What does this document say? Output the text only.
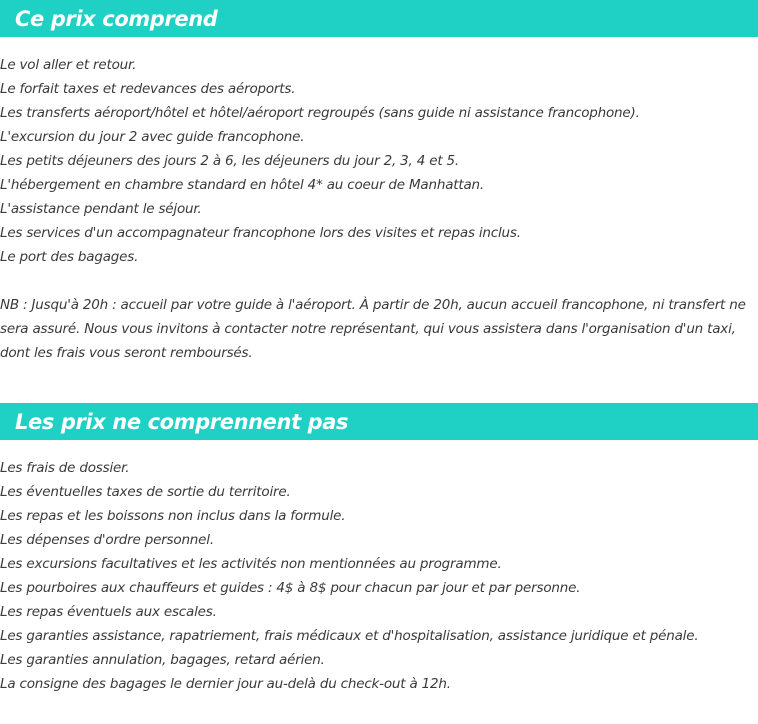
Ce prix comprend
Le vol aller et retour.
Le forfait taxes et redevances des aéroports.
Les transferts aéroport/hôtel et hôtel/aéroport regroupés (sans guide ni assistance francophone).
L'excursion du jour 2 avec guide francophone.
Les petits déjeuners des jours 2 à 6, les déjeuners du jour 2, 3, 4 et 5.
L'hébergement en chambre standard en hôtel 4* au coeur de Manhattan.
L'assistance pendant le séjour.
Les services d'un accompagnateur francophone lors des visites et repas inclus.
Le port des bagages.
NB : Jusqu'à 20h : accueil par votre guide à l'aéroport. À partir de 20h, aucun accueil francophone, ni transfert ne sera assuré. Nous vous invitons à contacter notre représentant, qui vous assistera dans l'organisation d'un taxi, dont les frais vous seront remboursés.
Les prix ne comprennent pas
Les frais de dossier.
Les éventuelles taxes de sortie du territoire.
Les repas et les boissons non inclus dans la formule.
Les dépenses d'ordre personnel.
Les excursions facultatives et les activités non mentionnées au programme.
Les pourboires aux chauffeurs et guides : 4$ à 8$ pour chacun par jour et par personne.
Les repas éventuels aux escales.
Les garanties assistance, rapatriement, frais médicaux et d'hospitalisation, assistance juridique et pénale.
Les garanties annulation, bagages, retard aérien.
La consigne des bagages le dernier jour au-delà du check-out à 12h.
